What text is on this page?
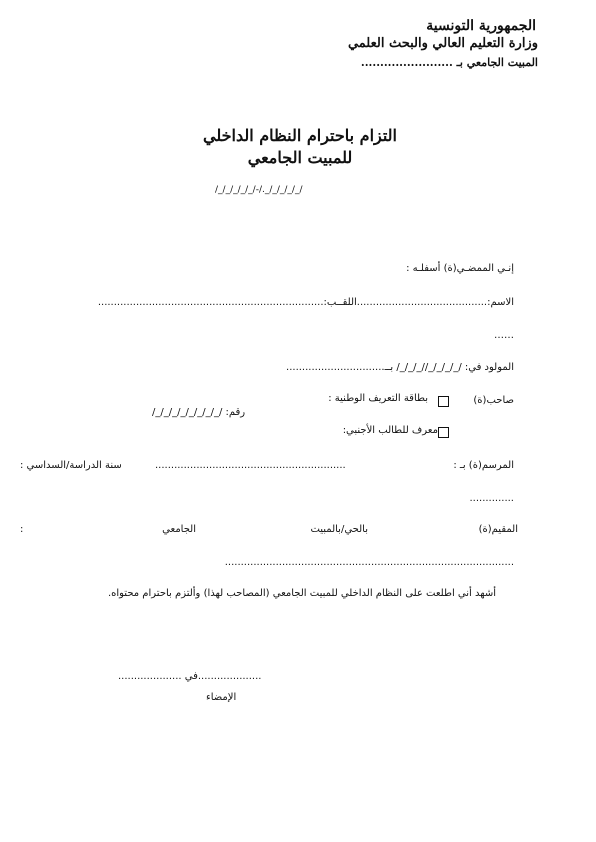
الجمهورية التونسية
وزارة التعليم العالي والبحث العلمي
المبيت الجامعي بـ ........................
التزام باحترام النظام الداخلي
للمبيت الجامعي
/_/_/_/_/_/-/._/_/_/_/_/
إنـي الممضـي(ة) أسفلـه :
الاسم:.........................................اللقــب:.......................................................................
……
المولود في: /_/_/_/_//_/_/_/ بــ...............................
صاحب(ة)
بطاقة التعريف الوطنية :
رقم: /_/_/_/_/_/_/_/_/
معرف للطالب الأجنبي:
المرسم(ة) بـ :
............................................................
سنة الدراسة/السداسي :
..............
المقيم(ة)
بالحي/بالمبيت
الجامعي
:
...........................................................................................
أشهد أني اطلعت على النظام الداخلي للمبيت الجامعي (المصاحب لهذا) وألتزم باحترام محتواه.
....................في ....................
الإمضاء
